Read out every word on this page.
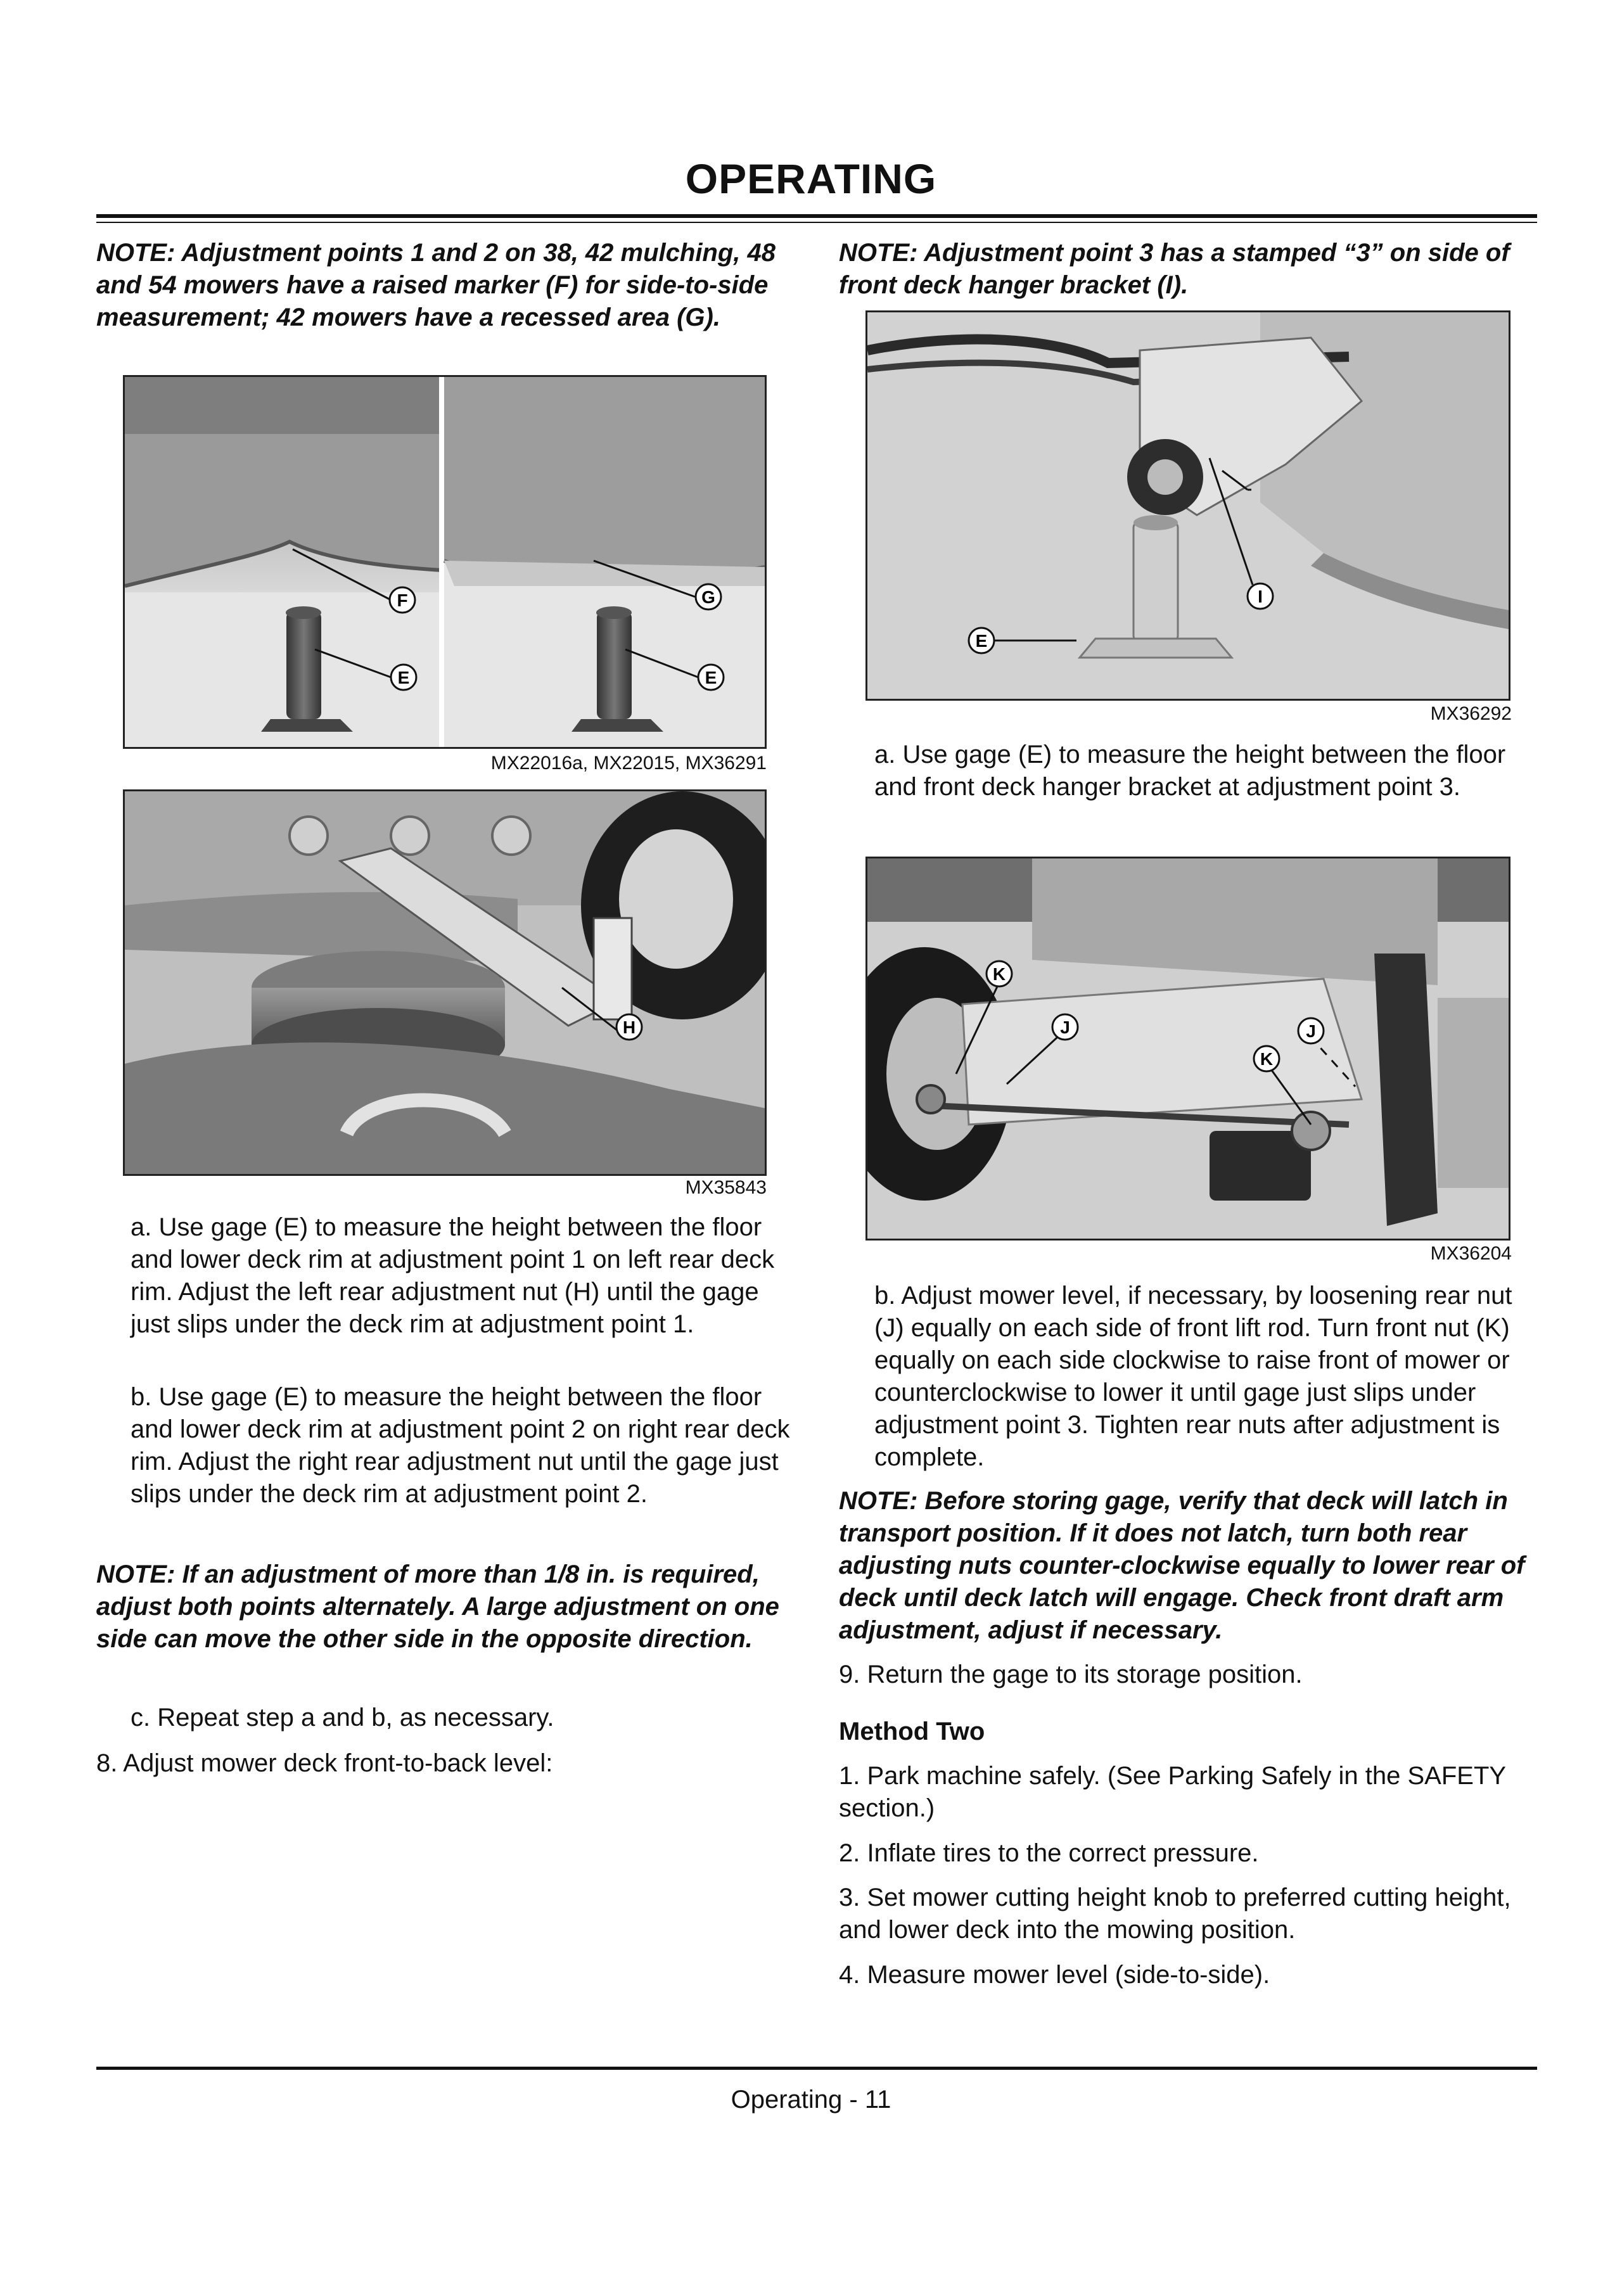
OPERATING
NOTE: Adjustment points 1 and 2 on 38, 42 mulching, 48 and 54 mowers have a raised marker (F) for side-to-side measurement; 42 mowers have a recessed area (G).
F	G
E	E
MX22016a, MX22015, MX36291
H
MX35843
a. Use gage (E) to measure the height between the floor and lower deck rim at adjustment point 1 on left rear deck rim. Adjust the left rear adjustment nut (H) until the gage just slips under the deck rim at adjustment point 1.
b. Use gage (E) to measure the height between the floor and lower deck rim at adjustment point 2 on right rear deck rim. Adjust the right rear adjustment nut until the gage just slips under the deck rim at adjustment point 2.
NOTE: If an adjustment of more than 1/8 in. is required, adjust both points alternately. A large adjustment on one side can move the other side in the opposite direction.
c. Repeat step a and b, as necessary.
8. Adjust mower deck front-to-back level:
NOTE: Adjustment point 3 has a stamped “3” on side of front deck hanger bracket (I).
I
E
MX36292
a. Use gage (E) to measure the height between the floor and front deck hanger bracket at adjustment point 3.
K
J	J
K
MX36204
b. Adjust mower level, if necessary, by loosening rear nut (J) equally on each side of front lift rod. Turn front nut (K) equally on each side clockwise to raise front of mower or counterclockwise to lower it until gage just slips under adjustment point 3. Tighten rear nuts after adjustment is complete.
NOTE: Before storing gage, verify that deck will latch in transport position. If it does not latch, turn both rear adjusting nuts counter-clockwise equally to lower rear of deck until deck latch will engage. Check front draft arm adjustment, adjust if necessary.
9. Return the gage to its storage position.
Method Two
1. Park machine safely. (See Parking Safely in the SAFETY section.)
2. Inflate tires to the correct pressure.
3. Set mower cutting height knob to preferred cutting height, and lower deck into the mowing position.
4. Measure mower level (side-to-side).
Operating - 11
